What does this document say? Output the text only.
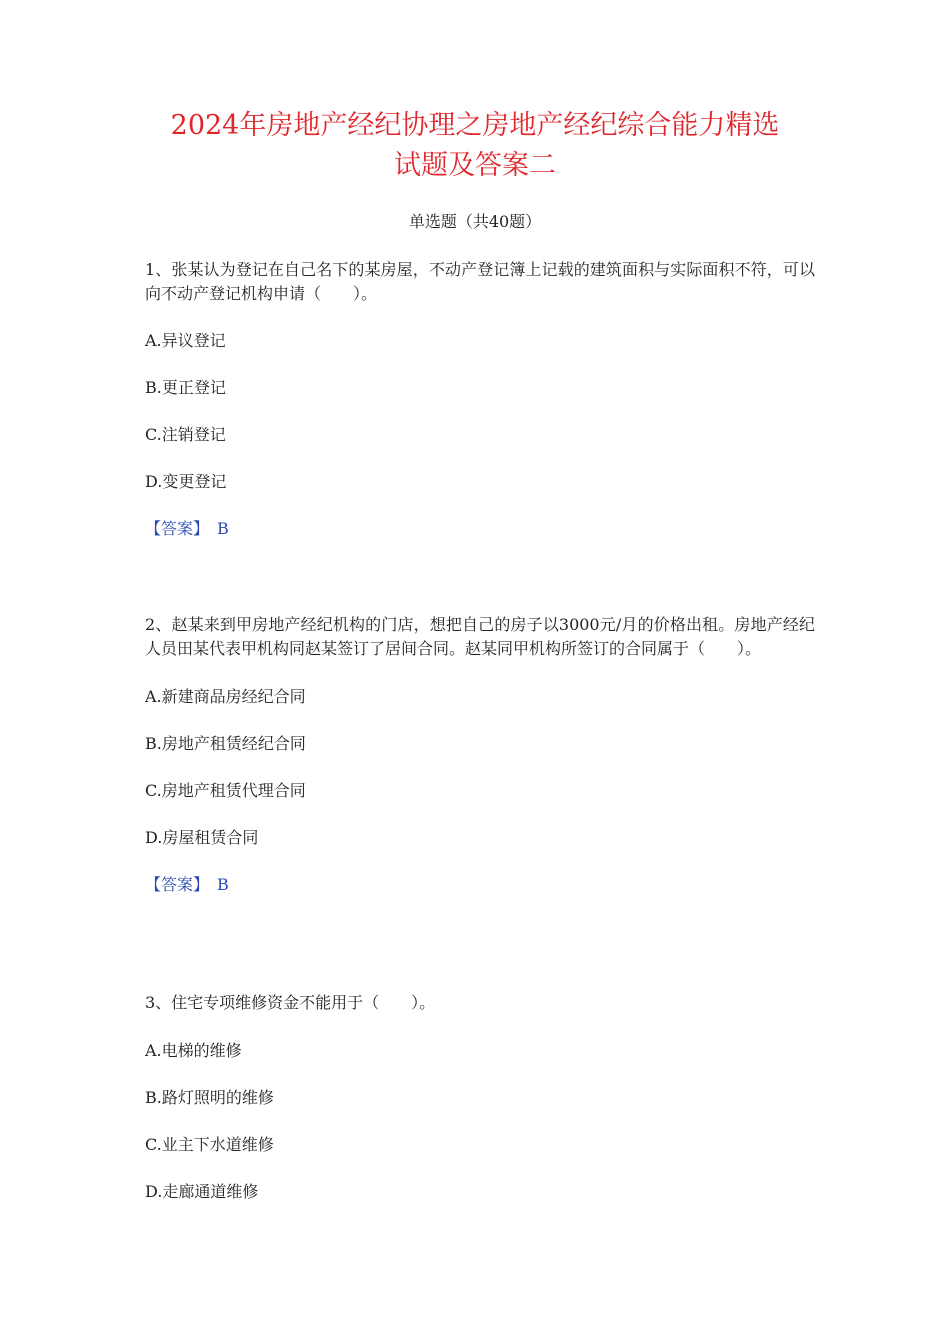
2024年房地产经纪协理之房地产经纪综合能力精选
试题及答案二
单选题（共40题）

1、张某认为登记在自己名下的某房屋，不动产登记簿上记载的建筑面积与实际面积不符，可以向不动产登记机构申请（　　）。

A.异议登记

B.更正登记

C.注销登记

D.变更登记

【答案】 B

2、赵某来到甲房地产经纪机构的门店，想把自己的房子以3000元/月的价格出租。房地产经纪人员田某代表甲机构同赵某签订了居间合同。赵某同甲机构所签订的合同属于（　　）。

A.新建商品房经纪合同

B.房地产租赁经纪合同

C.房地产租赁代理合同

D.房屋租赁合同

【答案】 B

3、住宅专项维修资金不能用于（　　）。

A.电梯的维修

B.路灯照明的维修

C.业主下水道维修

D.走廊通道维修
